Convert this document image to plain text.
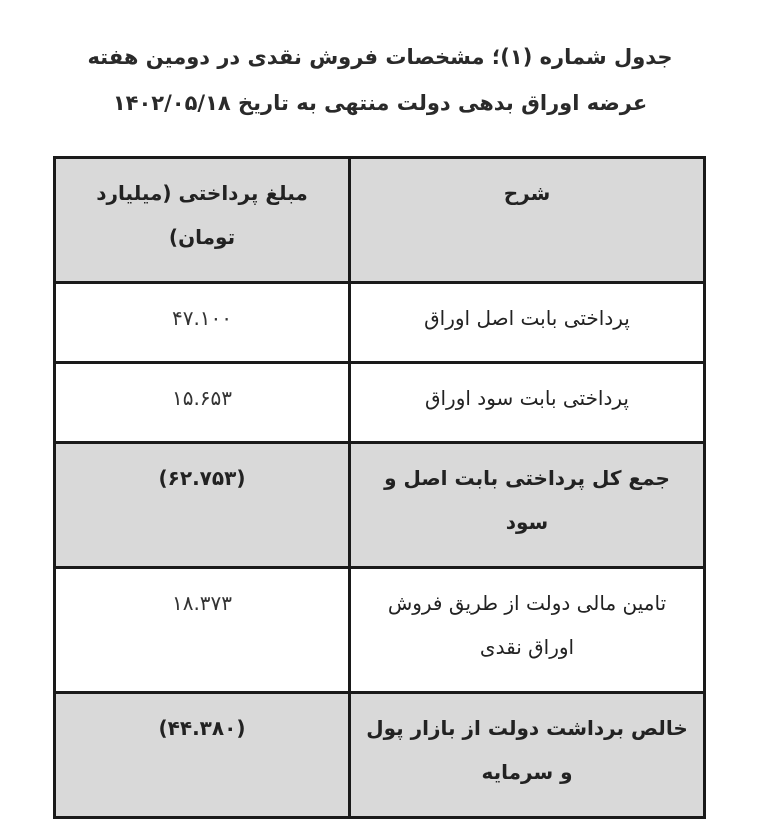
جدول شماره (۱)؛ مشخصات فروش نقدی در دومین هفته
عرضه اوراق بدهی دولت منتهی به تاریخ ۱۴۰۲/۰۵/۱۸
شرح	مبلغ پرداختی (میلیارد تومان)
پرداختی بابت اصل اوراق	۴۷.۱۰۰
پرداختی بابت سود اوراق	۱۵.۶۵۳
جمع کل پرداختی بابت اصل و سود	(۶۲.۷۵۳)
تامین مالی دولت از طریق فروش اوراق نقدی	۱۸.۳۷۳
خالص برداشت دولت از بازار پول و سرمایه	(۴۴.۳۸۰)
